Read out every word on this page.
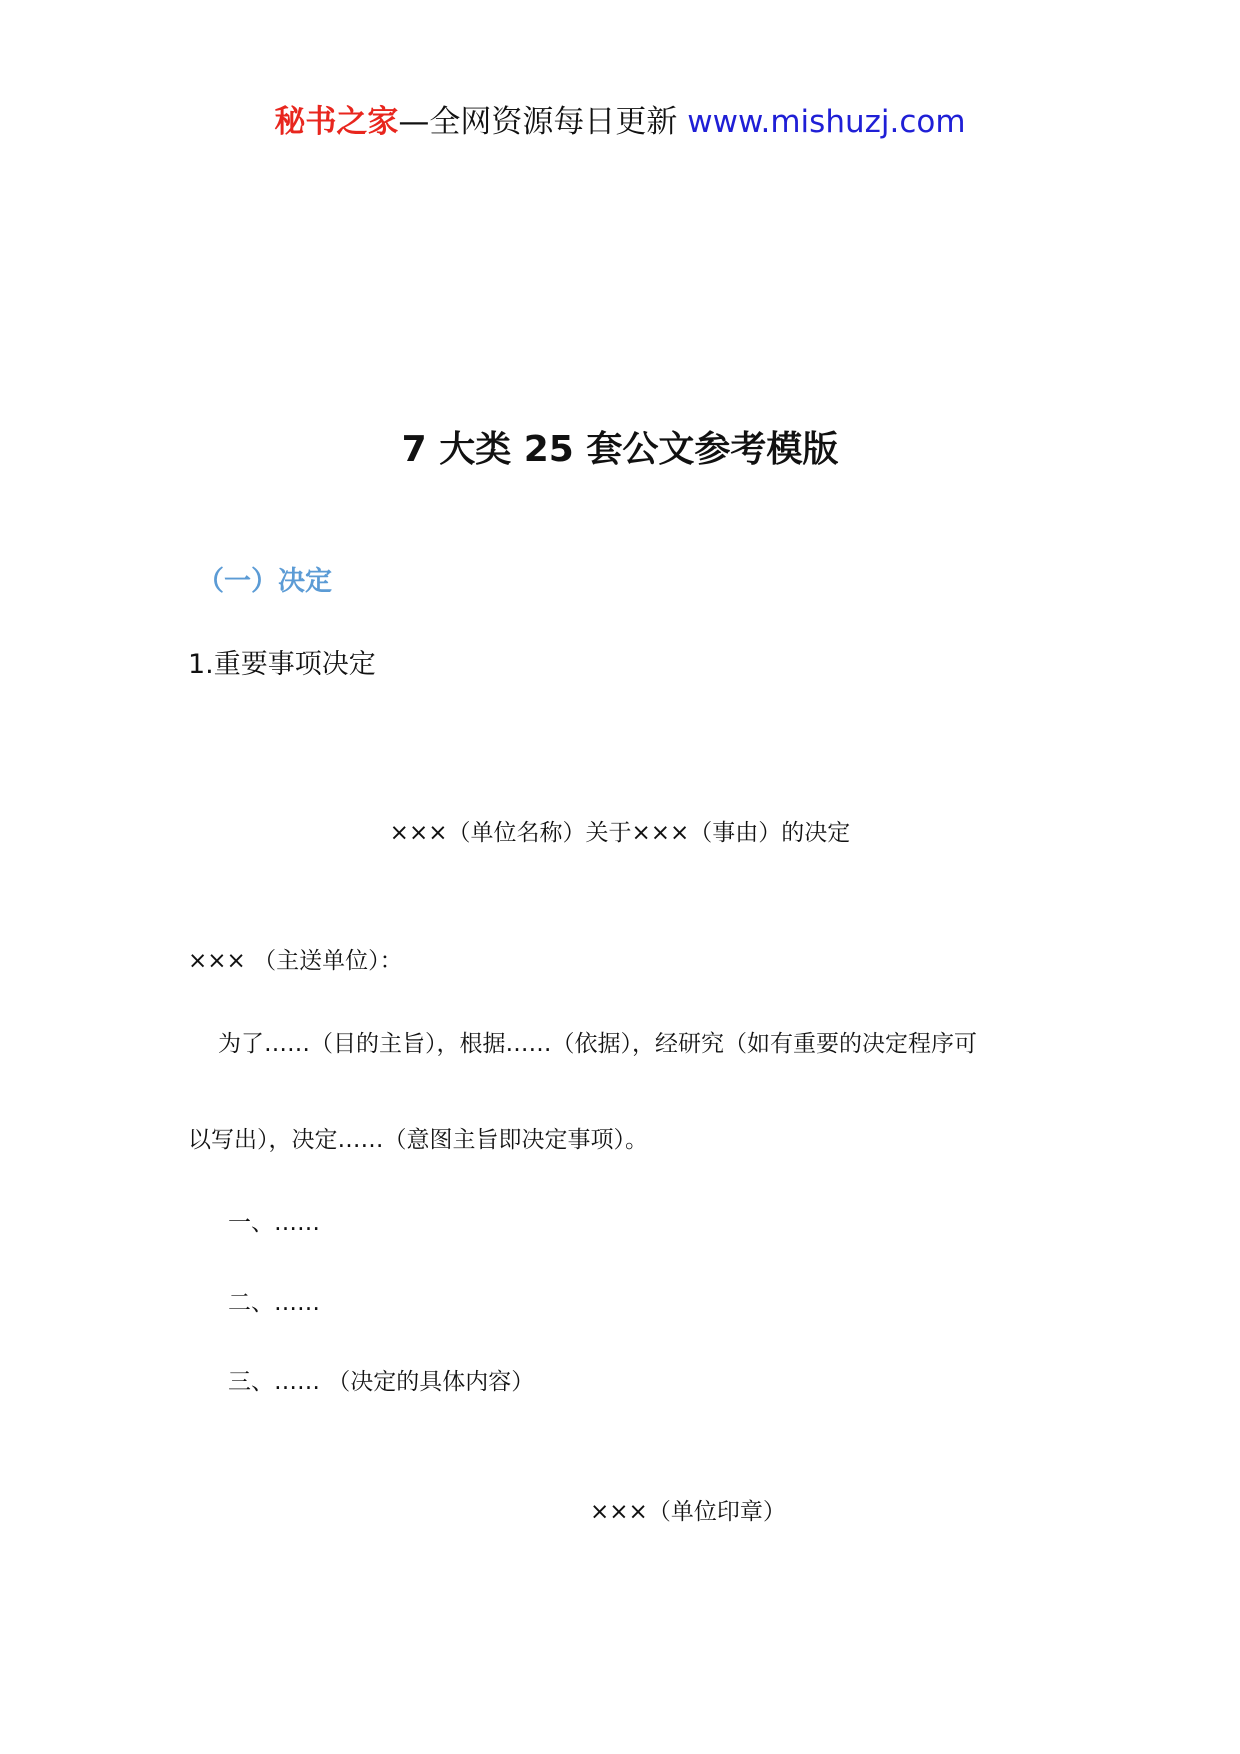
秘书之家—全网资源每日更新 www.mishuzj.com
7 大类 25 套公文参考模版
（一）决定
1.重要事项决定
×××（单位名称）关于×××（事由）的决定
××× （主送单位）：
为了……（目的主旨），根据……（依据），经研究（如有重要的决定程序可
以写出），决定……（意图主旨即决定事项）。
一、……
二、……
三、…… （决定的具体内容）
×××（单位印章）
